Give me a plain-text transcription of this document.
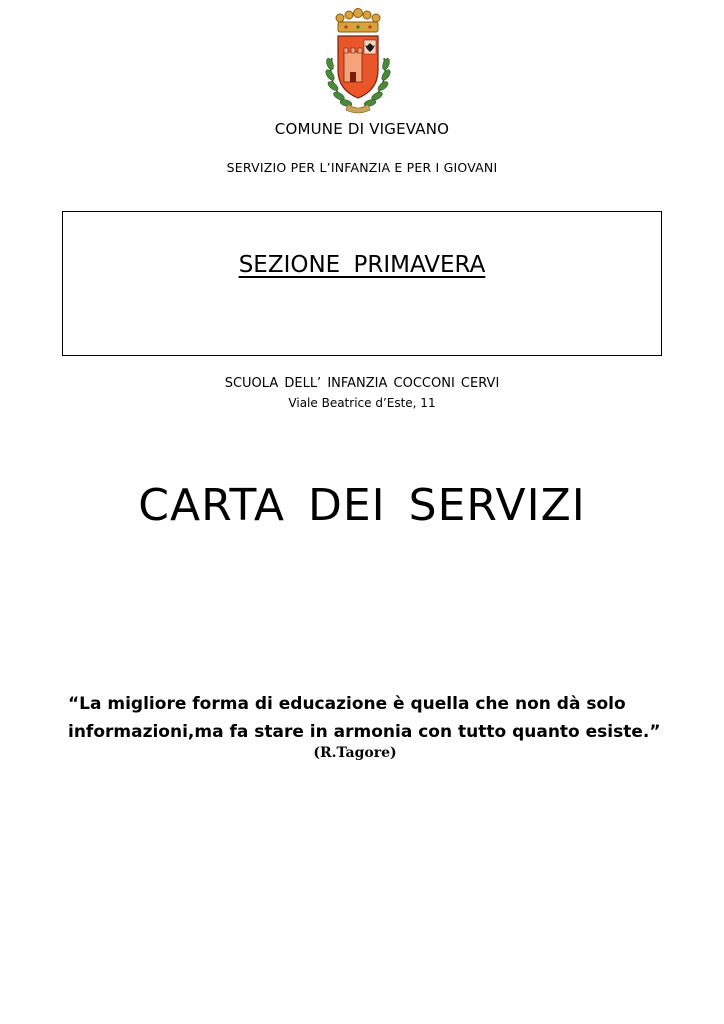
COMUNE DI VIGEVANO
SERVIZIO PER L’INFANZIA E PER I GIOVANI
SEZIONE PRIMAVERA
SCUOLA DELL’ INFANZIA COCCONI CERVI
Viale Beatrice d’Este, 11
CARTA DEI SERVIZI
“La migliore forma di educazione è quella che non dà solo
informazioni,ma fa stare in armonia con tutto quanto esiste.”
(R.Tagore)
